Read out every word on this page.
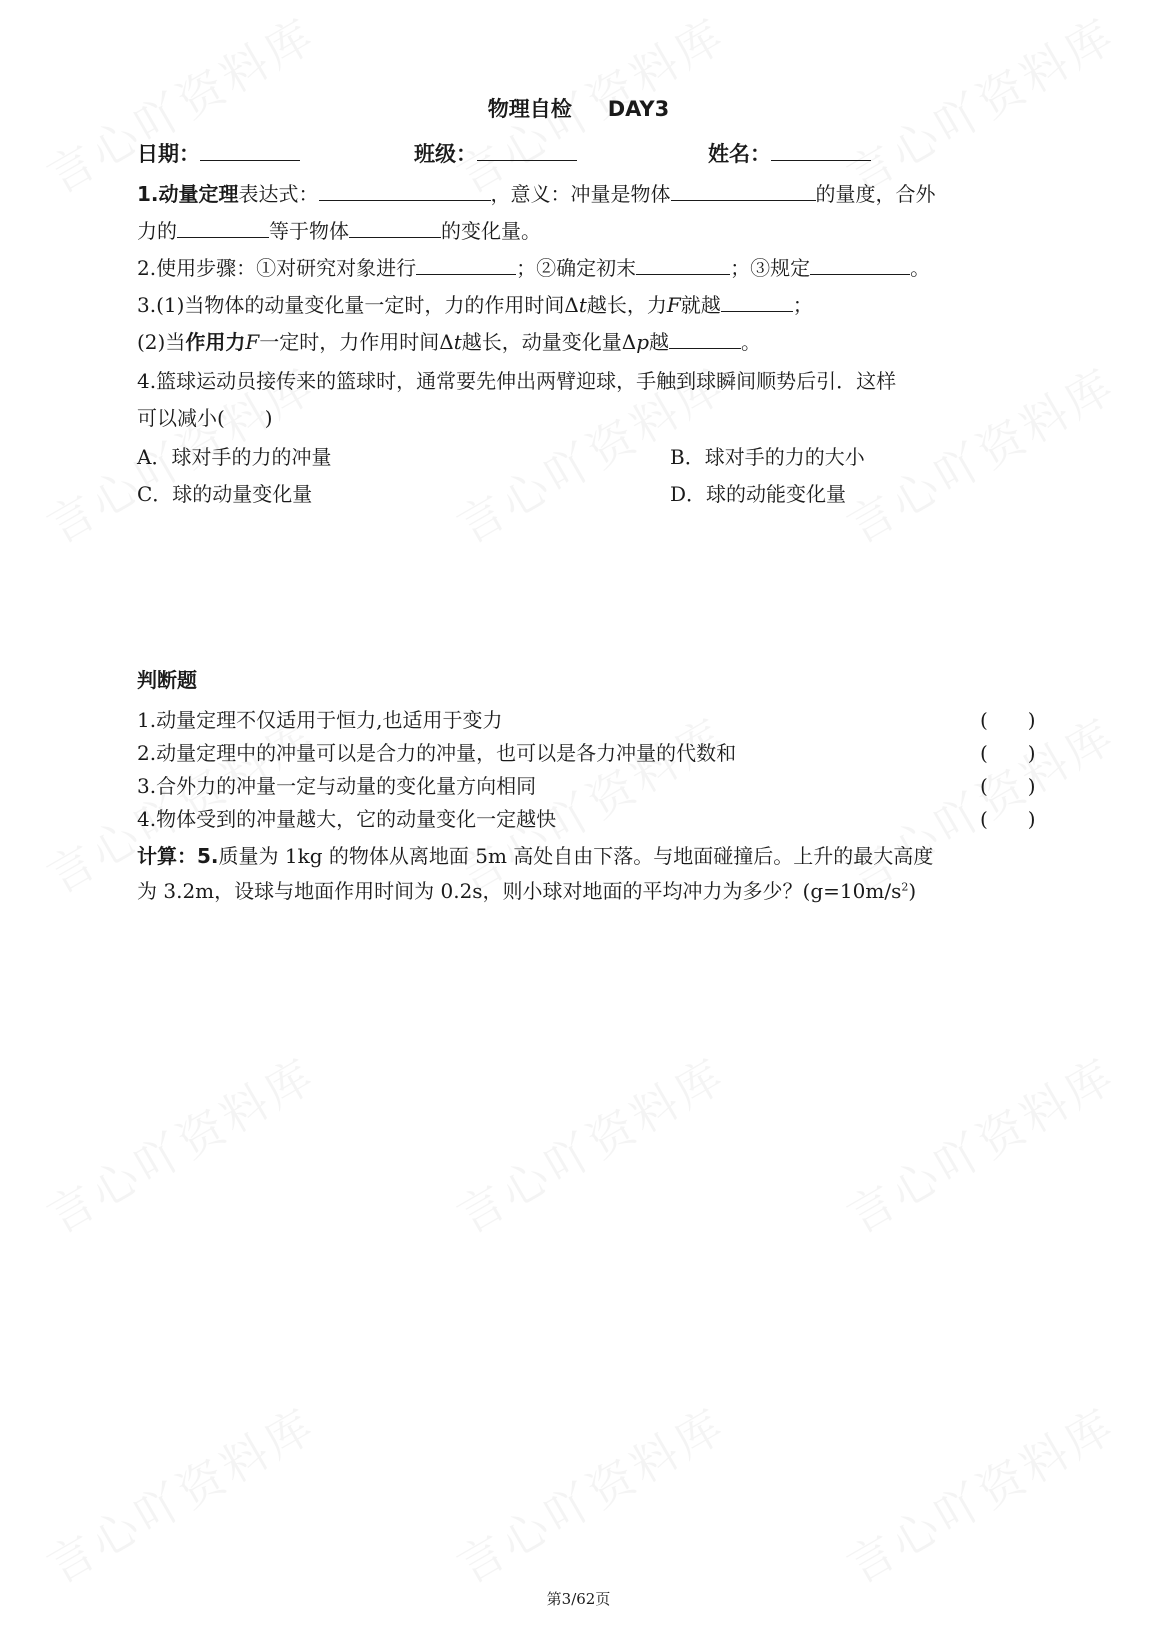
物理自检 DAY3
日期：	班级：	姓名：
1.动量定理表达式：	，意义：冲量是物体	的量度，合外
力的	等于物体	的变化量。
2.使用步骤：①对研究对象进行	；②确定初末	；③规定	。
3.(1)当物体的动量变化量一定时，力的作用时间Δt越长，力F就越	；
(2)当作用力F一定时，力作用时间Δt越长，动量变化量Δp越	。
4.篮球运动员接传来的篮球时，通常要先伸出两臂迎球，手触到球瞬间顺势后引．这样
可以减小(　　)
A．球对手的力的冲量	B．球对手的力的大小
C．球的动量变化量	D．球的动能变化量
判断题
1.动量定理不仅适用于恒力,也适用于变力	(　　)
2.动量定理中的冲量可以是合力的冲量，也可以是各力冲量的代数和	(　　)
3.合外力的冲量一定与动量的变化量方向相同	(　　)
4.物体受到的冲量越大，它的动量变化一定越快	(　　)
计算：5.质量为 1kg 的物体从离地面 5m 高处自由下落。与地面碰撞后。上升的最大高度
为 3.2m，设球与地面作用时间为 0.2s，则小球对地面的平均冲力为多少？$(g=10m/s^2)$
第3/62页
